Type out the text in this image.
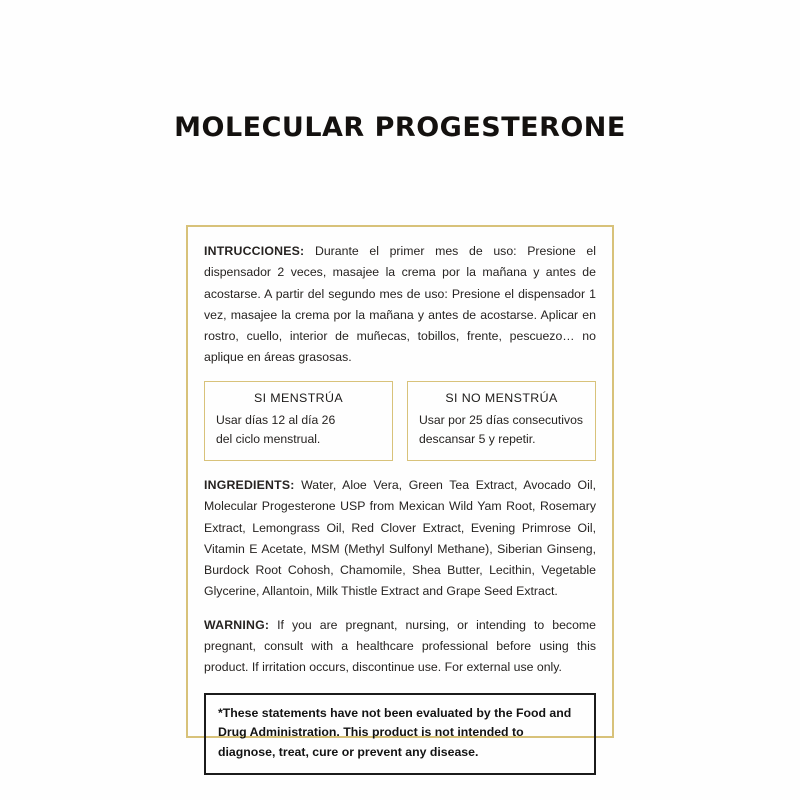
MOLECULAR PROGESTERONE

INTRUCCIONES: Durante el primer mes de uso: Presione el dispensador 2 veces, masajee la crema por la mañana y antes de acostarse. A partir del segundo mes de uso: Presione el dispensador 1 vez, masajee la crema por la mañana y antes de acostarse. Aplicar en rostro, cuello, interior de muñecas, tobillos, frente, pescuezo… no aplique en áreas grasosas.

SI MENSTRÚA
Usar días 12 al día 26
del ciclo menstrual.
SI NO MENSTRÚA
Usar por 25 días consecutivos
descansar 5 y repetir.

INGREDIENTS: Water, Aloe Vera, Green Tea Extract, Avocado Oil, Molecular Progesterone USP from Mexican Wild Yam Root, Rosemary Extract, Lemongrass Oil, Red Clover Extract, Evening Primrose Oil, Vitamin E Acetate, MSM (Methyl Sulfonyl Methane), Siberian Ginseng, Burdock Root Cohosh, Chamomile, Shea Butter, Lecithin, Vegetable Glycerine, Allantoin, Milk Thistle Extract and Grape Seed Extract.

WARNING: If you are pregnant, nursing, or intending to become pregnant, consult with a healthcare professional before using this product. If irritation occurs, discontinue use. For external use only.

*These statements have not been evaluated by the Food and Drug Administration. This product is not intended to diagnose, treat, cure or prevent any disease.
